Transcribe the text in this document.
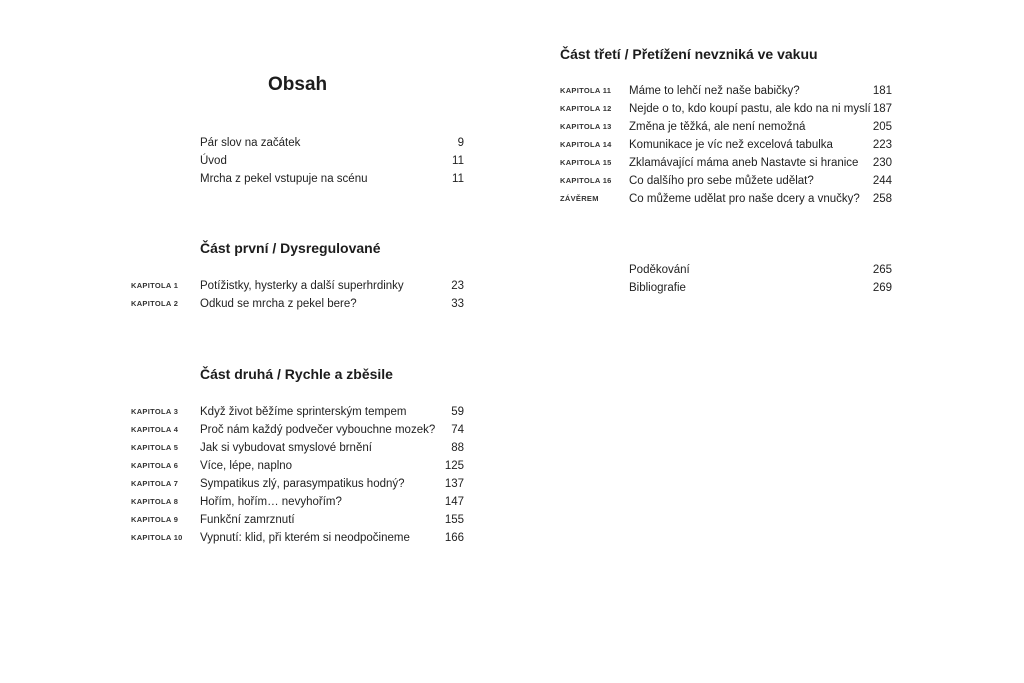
Obsah
Pár slov na začátek	9
Úvod	11
Mrcha z pekel vstupuje na scénu	11
Část první / Dysregulované
KAPITOLA 1 Potížistky, hysterky a další superhrdinky	23
KAPITOLA 2 Odkud se mrcha z pekel bere?	33
Část druhá / Rychle a zběsile
KAPITOLA 3 Když život běžíme sprinterským tempem	59
KAPITOLA 4 Proč nám každý podvečer vybouchne mozek? 74
KAPITOLA 5 Jak si vybudovat smyslové brnění	88
KAPITOLA 6 Více, lépe, naplno	125
KAPITOLA 7 Sympatikus zlý, parasympatikus hodný?	137
KAPITOLA 8 Hořím, hořím… nevyhořím?	147
KAPITOLA 9 Funkční zamrznutí	155
KAPITOLA 10 Vypnutí: klid, při kterém si neodpočineme	166
Část třetí / Přetížení nevzniká ve vakuu
KAPITOLA 11 Máme to lehčí než naše babičky?	181
KAPITOLA 12 Nejde o to, kdo koupí pastu, ale kdo na ni myslí 187
KAPITOLA 13 Změna je těžká, ale není nemožná	205
KAPITOLA 14 Komunikace je víc než excelová tabulka	223
KAPITOLA 15 Zklamávající máma aneb Nastavte si hranice 230
KAPITOLA 16 Co dalšího pro sebe můžete udělat?	244
ZÁVĚREM	Co můžeme udělat pro naše dcery a vnučky? 258
Poděkování	265
Bibliografie	269
